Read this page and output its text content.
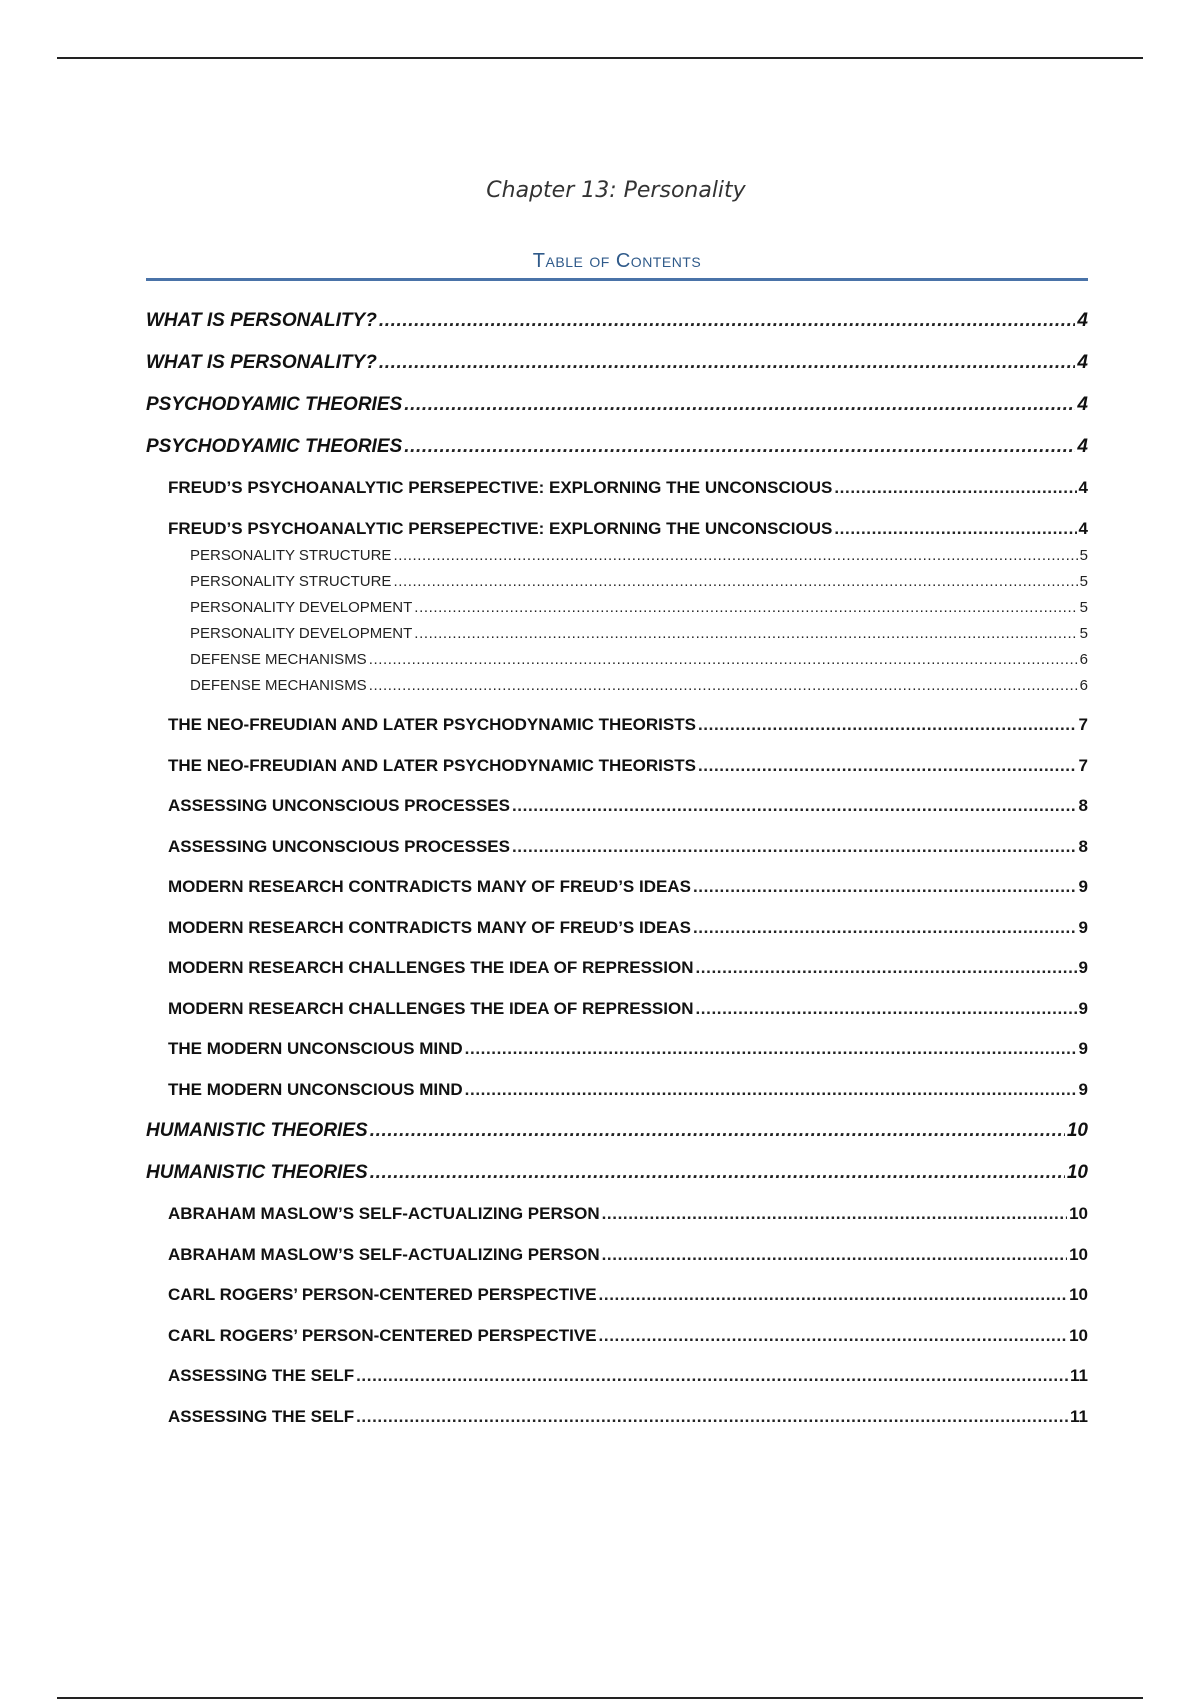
Chapter 13: Personality
Table of Contents
WHAT IS PERSONALITY? .....	4
WHAT IS PERSONALITY? .....	4
PSYCHODYAMIC THEORIES .....	4
PSYCHODYAMIC THEORIES .....	4
FREUD’S PSYCHOANALYTIC PERSEPECTIVE: EXPLORNING THE UNCONSCIOUS .....	4
FREUD’S PSYCHOANALYTIC PERSEPECTIVE: EXPLORNING THE UNCONSCIOUS .....	4
PERSONALITY STRUCTURE .....	5
PERSONALITY STRUCTURE .....	5
PERSONALITY DEVELOPMENT .....	5
PERSONALITY DEVELOPMENT .....	5
DEFENSE MECHANISMS .....	6
DEFENSE MECHANISMS .....	6
THE NEO-FREUDIAN AND LATER PSYCHODYNAMIC THEORISTS .....	7
THE NEO-FREUDIAN AND LATER PSYCHODYNAMIC THEORISTS .....	7
ASSESSING UNCONSCIOUS PROCESSES .....	8
ASSESSING UNCONSCIOUS PROCESSES .....	8
MODERN RESEARCH CONTRADICTS MANY OF FREUD’S IDEAS .....	9
MODERN RESEARCH CONTRADICTS MANY OF FREUD’S IDEAS .....	9
MODERN RESEARCH CHALLENGES THE IDEA OF REPRESSION .....	9
MODERN RESEARCH CHALLENGES THE IDEA OF REPRESSION .....	9
THE MODERN UNCONSCIOUS MIND .....	9
THE MODERN UNCONSCIOUS MIND .....	9
HUMANISTIC THEORIES .....	10
HUMANISTIC THEORIES .....	10
ABRAHAM MASLOW’S SELF-ACTUALIZING PERSON .....	10
ABRAHAM MASLOW’S SELF-ACTUALIZING PERSON .....	10
CARL ROGERS’ PERSON-CENTERED PERSPECTIVE .....	10
CARL ROGERS’ PERSON-CENTERED PERSPECTIVE .....	10
ASSESSING THE SELF .....	11
ASSESSING THE SELF .....	11
